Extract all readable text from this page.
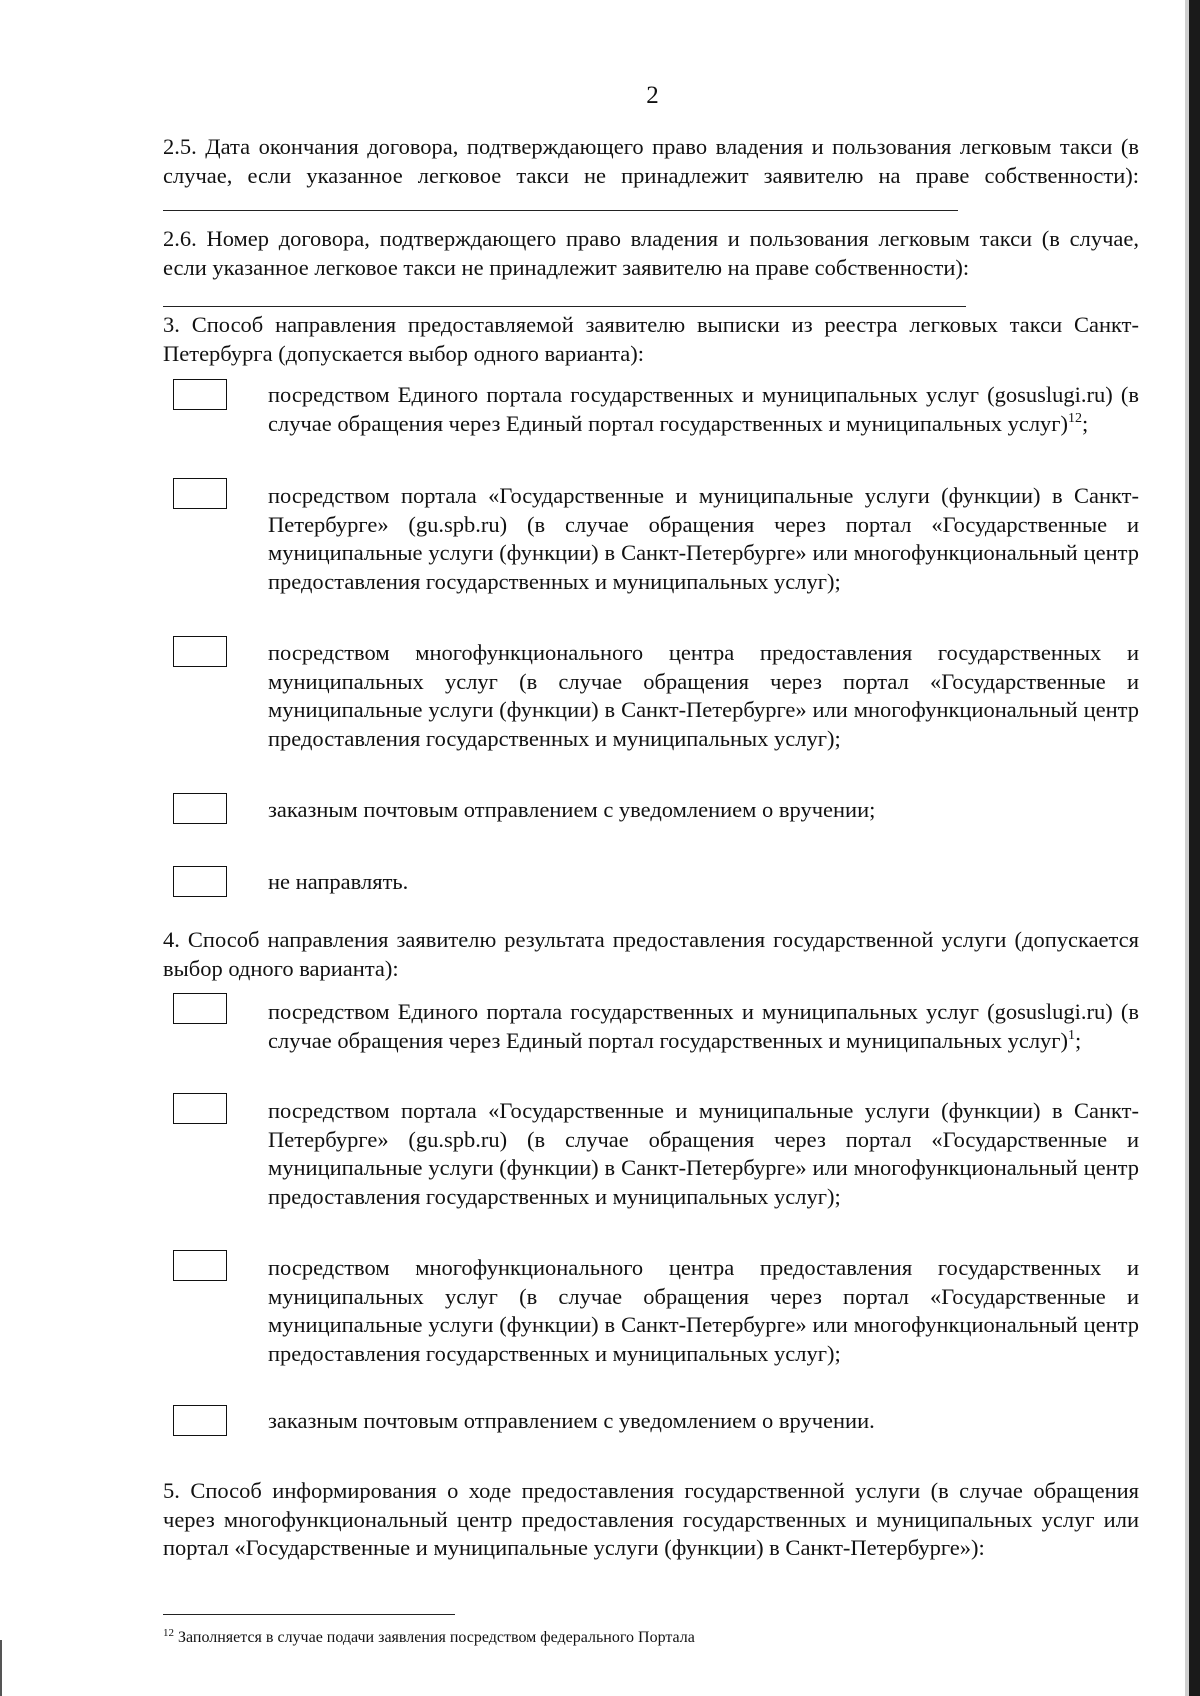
2

2.5. Дата окончания договора, подтверждающего право владения и пользования легковым такси (в случае, если указанное легковое такси не принадлежит заявителю на праве собственности):

2.6. Номер договора, подтверждающего право владения и пользования легковым такси (в случае, если указанное легковое такси не принадлежит заявителю на праве собственности):

3. Способ направления предоставляемой заявителю выписки из реестра легковых такси Санкт-Петербурга (допускается выбор одного варианта):

посредством Единого портала государственных и муниципальных услуг (gosuslugi.ru) (в случае обращения через Единый портал государственных и муниципальных услуг)$^{12}$;

посредством портала «Государственные и муниципальные услуги (функции) в Санкт-Петербурге» (gu.spb.ru) (в случае обращения через портал «Государственные и муниципальные услуги (функции) в Санкт-Петербурге» или многофункциональный центр предоставления государственных и муниципальных услуг);

посредством многофункционального центра предоставления государственных и муниципальных услуг (в случае обращения через портал «Государственные и муниципальные услуги (функции) в Санкт-Петербурге» или многофункциональный центр предоставления государственных и муниципальных услуг);

заказным почтовым отправлением с уведомлением о вручении;

не направлять.

4. Способ направления заявителю результата предоставления государственной услуги (допускается выбор одного варианта):

посредством Единого портала государственных и муниципальных услуг (gosuslugi.ru) (в случае обращения через Единый портал государственных и муниципальных услуг)$^1$;

посредством портала «Государственные и муниципальные услуги (функции) в Санкт-Петербурге» (gu.spb.ru) (в случае обращения через портал «Государственные и муниципальные услуги (функции) в Санкт-Петербурге» или многофункциональный центр предоставления государственных и муниципальных услуг);

посредством многофункционального центра предоставления государственных и муниципальных услуг (в случае обращения через портал «Государственные и муниципальные услуги (функции) в Санкт-Петербурге» или многофункциональный центр предоставления государственных и муниципальных услуг);

заказным почтовым отправлением с уведомлением о вручении.

5. Способ информирования о ходе предоставления государственной услуги (в случае обращения через многофункциональный центр предоставления государственных и муниципальных услуг или портал «Государственные и муниципальные услуги (функции) в Санкт-Петербурге»):

$^{12}$ Заполняется в случае подачи заявления посредством федерального Портала
